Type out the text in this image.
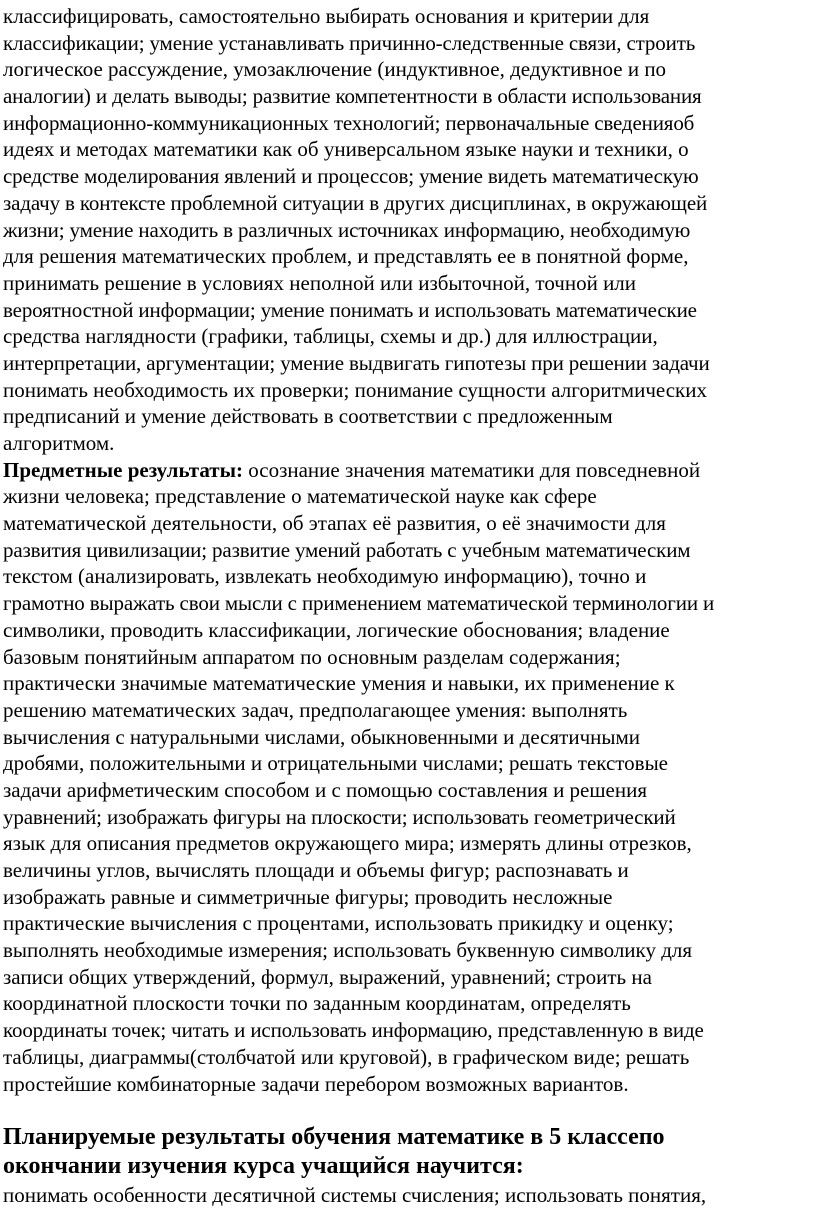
классифицировать, самостоятельно выбирать основания и критерии для
классификации; умение устанавливать причинно-следственные связи, строить
логическое рассуждение, умозаключение (индуктивное, дедуктивное и по
аналогии) и делать выводы; развитие компетентности в области использования
информационно-коммуникационных технологий; первоначальные сведенияоб
идеях и методах математики как об универсальном языке науки и техники, о
средстве моделирования явлений и процессов; умение видеть математическую
задачу в контексте проблемной ситуации в других дисциплинах, в окружающей
жизни; умение находить в различных источниках информацию, необходимую
для решения математических проблем, и представлять ее в понятной форме,
принимать решение в условиях неполной или избыточной, точной или
вероятностной информации; умение понимать и использовать математические
средства наглядности (графики, таблицы, схемы и др.) для иллюстрации,
интерпретации, аргументации; умение выдвигать гипотезы при решении задачи
понимать необходимость их проверки; понимание сущности алгоритмических
предписаний и умение действовать в соответствии с предложенным
алгоритмом.
Предметные результаты: осознание значения математики для повседневной
жизни человека; представление о математической науке как сфере
математической деятельности, об этапах её развития, о её значимости для
развития цивилизации; развитие умений работать с учебным математическим
текстом (анализировать, извлекать необходимую информацию), точно и
грамотно выражать свои мысли с применением математической терминологии и
символики, проводить классификации, логические обоснования; владение
базовым понятийным аппаратом по основным разделам содержания;
практически значимые математические умения и навыки, их применение к
решению математических задач, предполагающее умения: выполнять
вычисления с натуральными числами, обыкновенными и десятичными
дробями, положительными и отрицательными числами; решать текстовые
задачи арифметическим способом и с помощью составления и решения
уравнений; изображать фигуры на плоскости; использовать геометрический
язык для описания предметов окружающего мира; измерять длины отрезков,
величины углов, вычислять площади и объемы фигур; распознавать и
изображать равные и симметричные фигуры; проводить несложные
практические вычисления с процентами, использовать прикидку и оценку;
выполнять необходимые измерения; использовать буквенную символику для
записи общих утверждений, формул, выражений, уравнений; строить на
координатной плоскости точки по заданным координатам, определять
координаты точек; читать и использовать информацию, представленную в виде
таблицы, диаграммы(столбчатой или круговой), в графическом виде; решать
простейшие комбинаторные задачи перебором возможных вариантов.
Планируемые результаты обучения математике в 5 классепо
окончании изучения курса учащийся научится:
понимать особенности десятичной системы счисления; использовать понятия,
